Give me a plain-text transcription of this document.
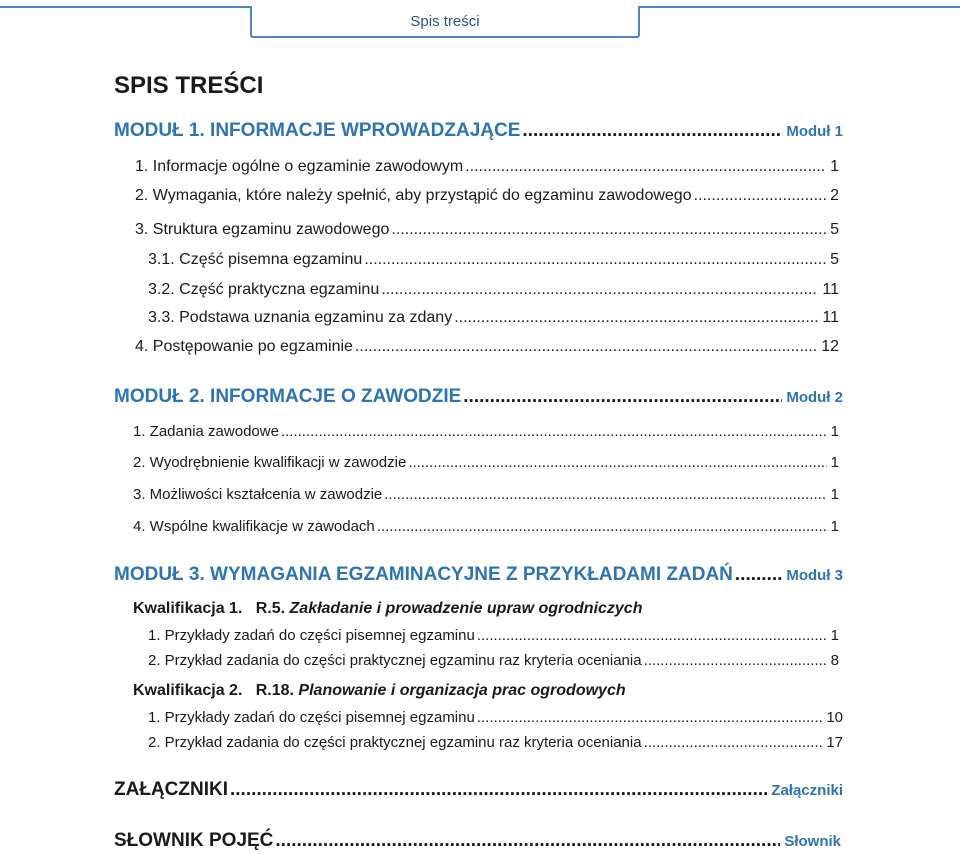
Spis treści
SPIS TREŚCI
MODUŁ 1. INFORMACJE WPROWADZAJĄCE .....	Moduł 1
1. Informacje ogólne o egzaminie zawodowym .....	1
2. Wymagania, które należy spełnić, aby przystąpić do egzaminu zawodowego .....	2
3. Struktura egzaminu zawodowego .....	5
3.1. Część pisemna egzaminu .....	5
3.2. Część praktyczna egzaminu .....	11
3.3. Podstawa uznania egzaminu za zdany .....	11
4. Postępowanie po egzaminie .....	12
MODUŁ 2. INFORMACJE O ZAWODZIE .....	Moduł 2
1. Zadania zawodowe .....	1
2. Wyodrębnienie kwalifikacji w zawodzie .....	1
3. Możliwości kształcenia w zawodzie .....	1
4. Wspólne kwalifikacje w zawodach .....	1
MODUŁ 3. WYMAGANIA EGZAMINACYJNE Z PRZYKŁADAMI ZADAŃ .....	Moduł 3
Kwalifikacja 1.   R.5. Zakładanie i prowadzenie upraw ogrodniczych
1. Przykłady zadań do części pisemnej egzaminu .....	1
2. Przykład zadania do części praktycznej egzaminu raz kryteria oceniania .....	8
Kwalifikacja 2.   R.18. Planowanie i organizacja prac ogrodowych
1. Przykłady zadań do części pisemnej egzaminu .....	10
2. Przykład zadania do części praktycznej egzaminu raz kryteria oceniania .....	17
ZAŁĄCZNIKI .....	Załączniki
SŁOWNIK POJĘĆ .....	Słownik
